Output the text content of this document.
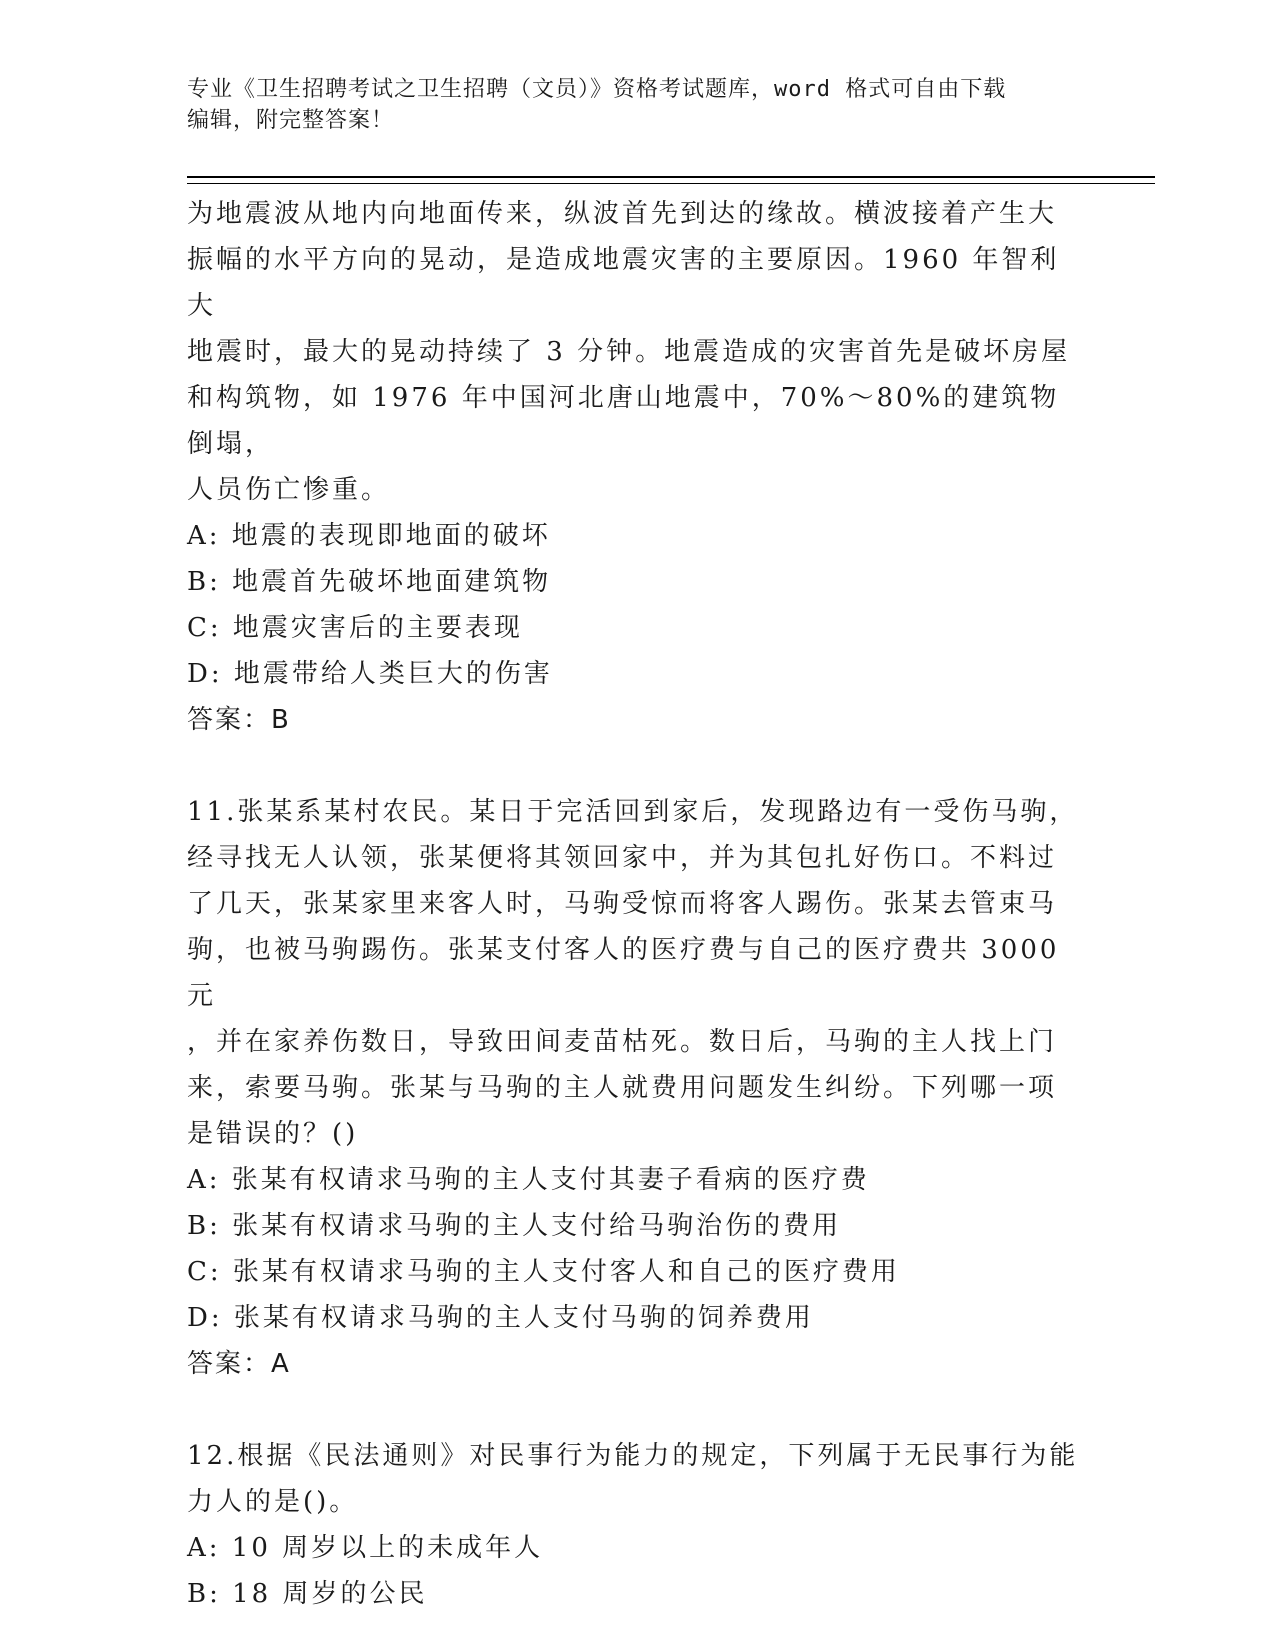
专业《卫生招聘考试之卫生招聘（文员）》资格考试题库，word 格式可自由下载
编辑，附完整答案！

为地震波从地内向地面传来，纵波首先到达的缘故。横波接着产生大

振幅的水平方向的晃动，是造成地震灾害的主要原因。1960 年智利大

地震时，最大的晃动持续了 3 分钟。地震造成的灾害首先是破坏房屋

和构筑物，如 1976 年中国河北唐山地震中，70%～80%的建筑物倒塌，

人员伤亡惨重。

A: 地震的表现即地面的破坏

B: 地震首先破坏地面建筑物

C: 地震灾害后的主要表现

D: 地震带给人类巨大的伤害

答案：B

11.张某系某村农民。某日于完活回到家后，发现路边有一受伤马驹，

经寻找无人认领，张某便将其领回家中，并为其包扎好伤口。不料过

了几天，张某家里来客人时，马驹受惊而将客人踢伤。张某去管束马

驹，也被马驹踢伤。张某支付客人的医疗费与自己的医疗费共 3000 元

，并在家养伤数日，导致田间麦苗枯死。数日后，马驹的主人找上门

来，索要马驹。张某与马驹的主人就费用问题发生纠纷。下列哪一项

是错误的？()

A: 张某有权请求马驹的主人支付其妻子看病的医疗费

B: 张某有权请求马驹的主人支付给马驹治伤的费用

C: 张某有权请求马驹的主人支付客人和自己的医疗费用

D: 张某有权请求马驹的主人支付马驹的饲养费用

答案：A

12.根据《民法通则》对民事行为能力的规定，下列属于无民事行为能

力人的是()。

A: 10 周岁以上的未成年人

B: 18 周岁的公民
